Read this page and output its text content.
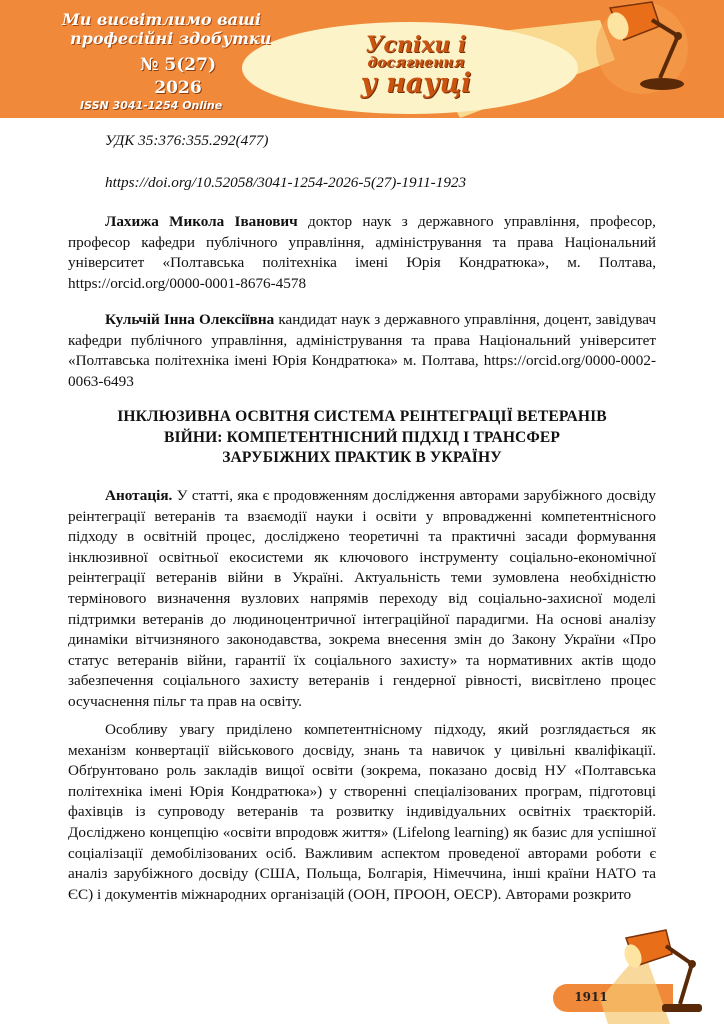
Ми висвітлимо ваші
професійні здобутки
№ 5(27)
2026
ISSN 3041-1254 Online
Успіхи і
досягнення
у науці
УДК 35:376:355.292(477)
https://doi.org/10.52058/3041-1254-2026-5(27)-1911-1923
Лахижа Микола Іванович доктор наук з державного управління, професор, професор кафедри публічного управління, адміністрування та права Національний університет «Полтавська політехніка імені Юрія Кондратюка», м. Полтава, https://orcid.org/0000-0001-8676-4578
Кульчій Інна Олексіївна кандидат наук з державного управління, доцент, завідувач кафедри публічного управління, адміністрування та права Національний університет «Полтавська політехніка імені Юрія Кондратюка» м. Полтава, https://orcid.org/0000-0002-0063-6493
ІНКЛЮЗИВНА ОСВІТНЯ СИСТЕМА РЕІНТЕГРАЦІЇ ВЕТЕРАНІВ
ВІЙНИ: КОМПЕТЕНТНІСНИЙ ПІДХІД І ТРАНСФЕР
ЗАРУБІЖНИХ ПРАКТИК В УКРАЇНУ

Анотація. У статті, яка є продовженням дослідження авторами зарубіжного досвіду реінтеграції ветеранів та взаємодії науки і освіти у впровадженні компетентнісного підходу в освітній процес, досліджено теоретичні та практичні засади формування інклюзивної освітньої екосистеми як ключового інструменту соціально-економічної реінтеграції ветеранів війни в Україні. Актуальність теми зумовлена необхідністю термінового визначення вузлових напрямів переходу від соціально-захисної моделі підтримки ветеранів до людиноцентричної інтеграційної парадигми. На основі аналізу динаміки вітчизняного законодавства, зокрема внесення змін до Закону України «Про статус ветеранів війни, гарантії їх соціального захисту» та нормативних актів щодо забезпечення соціального захисту ветеранів і гендерної рівності, висвітлено процес осучаснення пільг та прав на освіту.

Особливу увагу приділено компетентнісному підходу, який розглядається як механізм конвертації військового досвіду, знань та навичок у цивільні кваліфікації. Обґрунтовано роль закладів вищої освіти (зокрема, показано досвід НУ «Полтавська політехніка імені Юрія Кондратюка») у створенні спеціалізованих програм, підготовці фахівців із супроводу ветеранів та розвитку індивідуальних освітніх траєкторій. Досліджено концепцію «освіти впродовж життя» (Lifelong learning) як базис для успішної соціалізації демобілізованих осіб. Важливим аспектом проведеної авторами роботи є аналіз зарубіжного досвіду (США, Польща, Болгарія, Німеччина, інші країни НАТО та ЄС) і документів міжнародних організацій (ООН, ПРООН, ОЕСР). Авторами розкрито

1911
